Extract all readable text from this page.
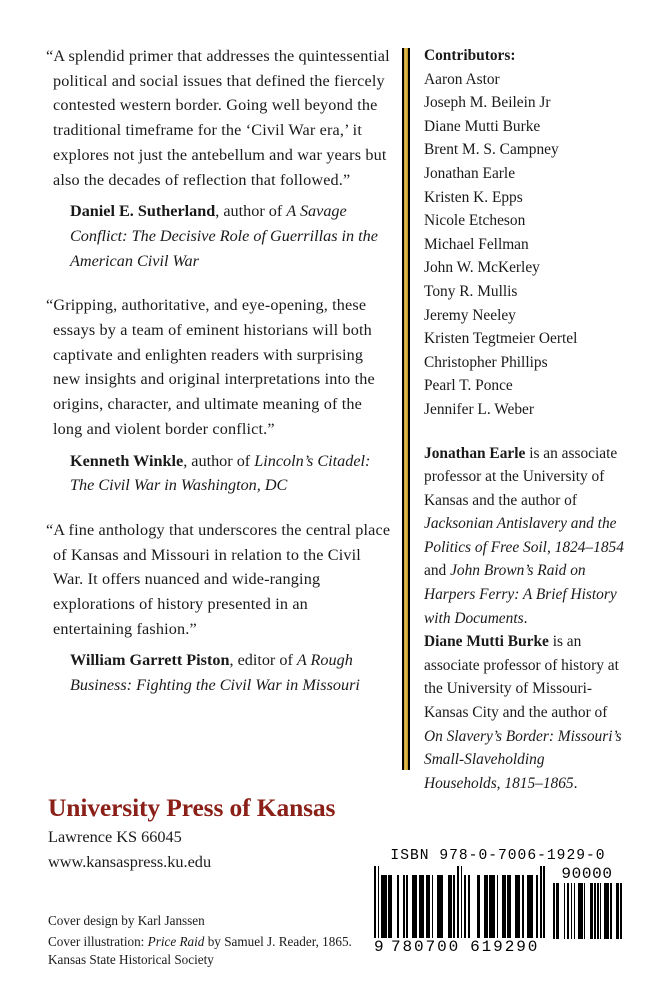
“A splendid primer that addresses the quintessential political and social issues that defined the fiercely contested western border. Going well beyond the traditional timeframe for the ‘Civil War era,’ it explores not just the antebellum and war years but also the decades of reflection that followed.”
Daniel E. Sutherland, author of A Savage Conflict: The Decisive Role of Guerrillas in the American Civil War
“Gripping, authoritative, and eye-opening, these essays by a team of eminent historians will both captivate and enlighten readers with surprising new insights and original interpretations into the origins, character, and ultimate meaning of the long and violent border conflict.”
Kenneth Winkle, author of Lincoln’s Citadel: The Civil War in Washington, DC
“A fine anthology that underscores the central place of Kansas and Missouri in relation to the Civil War. It offers nuanced and wide-ranging explorations of history presented in an entertaining fashion.”
William Garrett Piston, editor of A Rough Business: Fighting the Civil War in Missouri
Contributors:
Aaron Astor
Joseph M. Beilein Jr
Diane Mutti Burke
Brent M. S. Campney
Jonathan Earle
Kristen K. Epps
Nicole Etcheson
Michael Fellman
John W. McKerley
Tony R. Mullis
Jeremy Neeley
Kristen Tegtmeier Oertel
Christopher Phillips
Pearl T. Ponce
Jennifer L. Weber
Jonathan Earle is an associate professor at the University of Kansas and the author of Jacksonian Antislavery and the Politics of Free Soil, 1824–1854 and John Brown’s Raid on Harpers Ferry: A Brief History with Documents.
Diane Mutti Burke is an associate professor of history at the University of Missouri-Kansas City and the author of On Slavery’s Border: Missouri’s Small-Slaveholding Households, 1815–1865.
University Press of Kansas
Lawrence KS 66045
www.kansaspress.ku.edu
Cover design by Karl Janssen
Cover illustration: Price Raid by Samuel J. Reader, 1865. Kansas State Historical Society
ISBN 978-0-7006-1929-0
9 780700 619290
90000
